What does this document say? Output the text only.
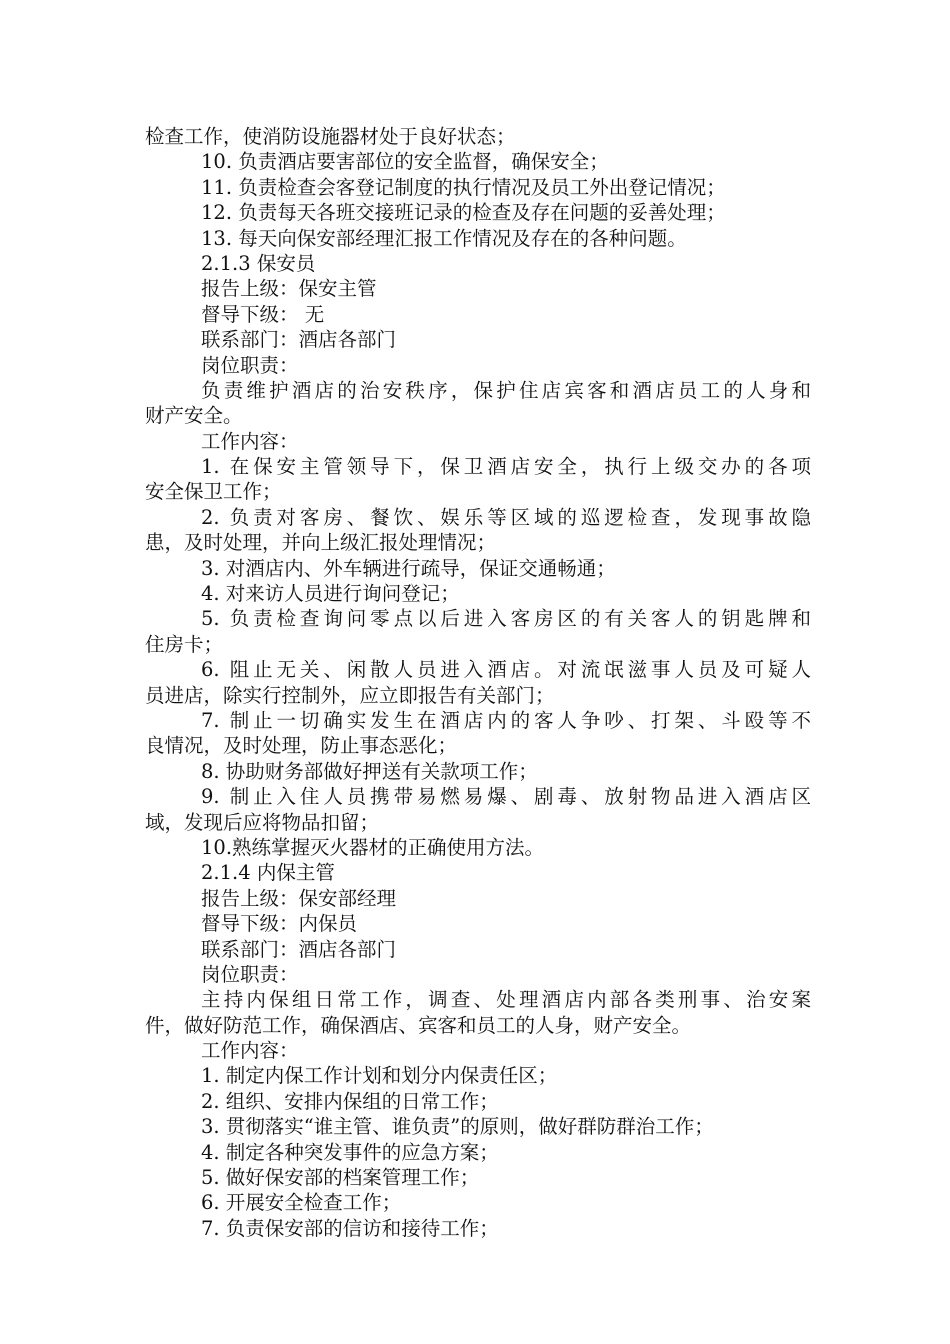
检查工作，使消防设施器材处于良好状态；
10. 负责酒店要害部位的安全监督，确保安全；
11. 负责检查会客登记制度的执行情况及员工外出登记情况；
12. 负责每天各班交接班记录的检查及存在问题的妥善处理；
13. 每天向保安部经理汇报工作情况及存在的各种问题。
2.1.3 保安员
报告上级：保安主管
督导下级： 无
联系部门：酒店各部门
岗位职责：
负责维护酒店的治安秩序，保护住店宾客和酒店员工的人身和
财产安全。
工作内容：
1. 在保安主管领导下，保卫酒店安全，执行上级交办的各项
安全保卫工作；
2. 负责对客房、餐饮、娱乐等区域的巡逻检查，发现事故隐
患，及时处理，并向上级汇报处理情况；
3. 对酒店内、外车辆进行疏导，保证交通畅通；
4. 对来访人员进行询问登记；
5. 负责检查询问零点以后进入客房区的有关客人的钥匙牌和
住房卡；
6. 阻止无关、闲散人员进入酒店。对流氓滋事人员及可疑人
员进店，除实行控制外，应立即报告有关部门；
7. 制止一切确实发生在酒店内的客人争吵、打架、斗殴等不
良情况，及时处理，防止事态恶化；
8. 协助财务部做好押送有关款项工作；
9. 制止入住人员携带易燃易爆、剧毒、放射物品进入酒店区
域，发现后应将物品扣留；
10.熟练掌握灭火器材的正确使用方法。
2.1.4 内保主管
报告上级：保安部经理
督导下级：内保员
联系部门：酒店各部门
岗位职责：
主持内保组日常工作，调查、处理酒店内部各类刑事、治安案
件，做好防范工作，确保酒店、宾客和员工的人身，财产安全。
工作内容：
1. 制定内保工作计划和划分内保责任区；
2. 组织、安排内保组的日常工作；
3. 贯彻落实“谁主管、谁负责”的原则，做好群防群治工作；
4. 制定各种突发事件的应急方案；
5. 做好保安部的档案管理工作；
6. 开展安全检查工作；
7. 负责保安部的信访和接待工作；
